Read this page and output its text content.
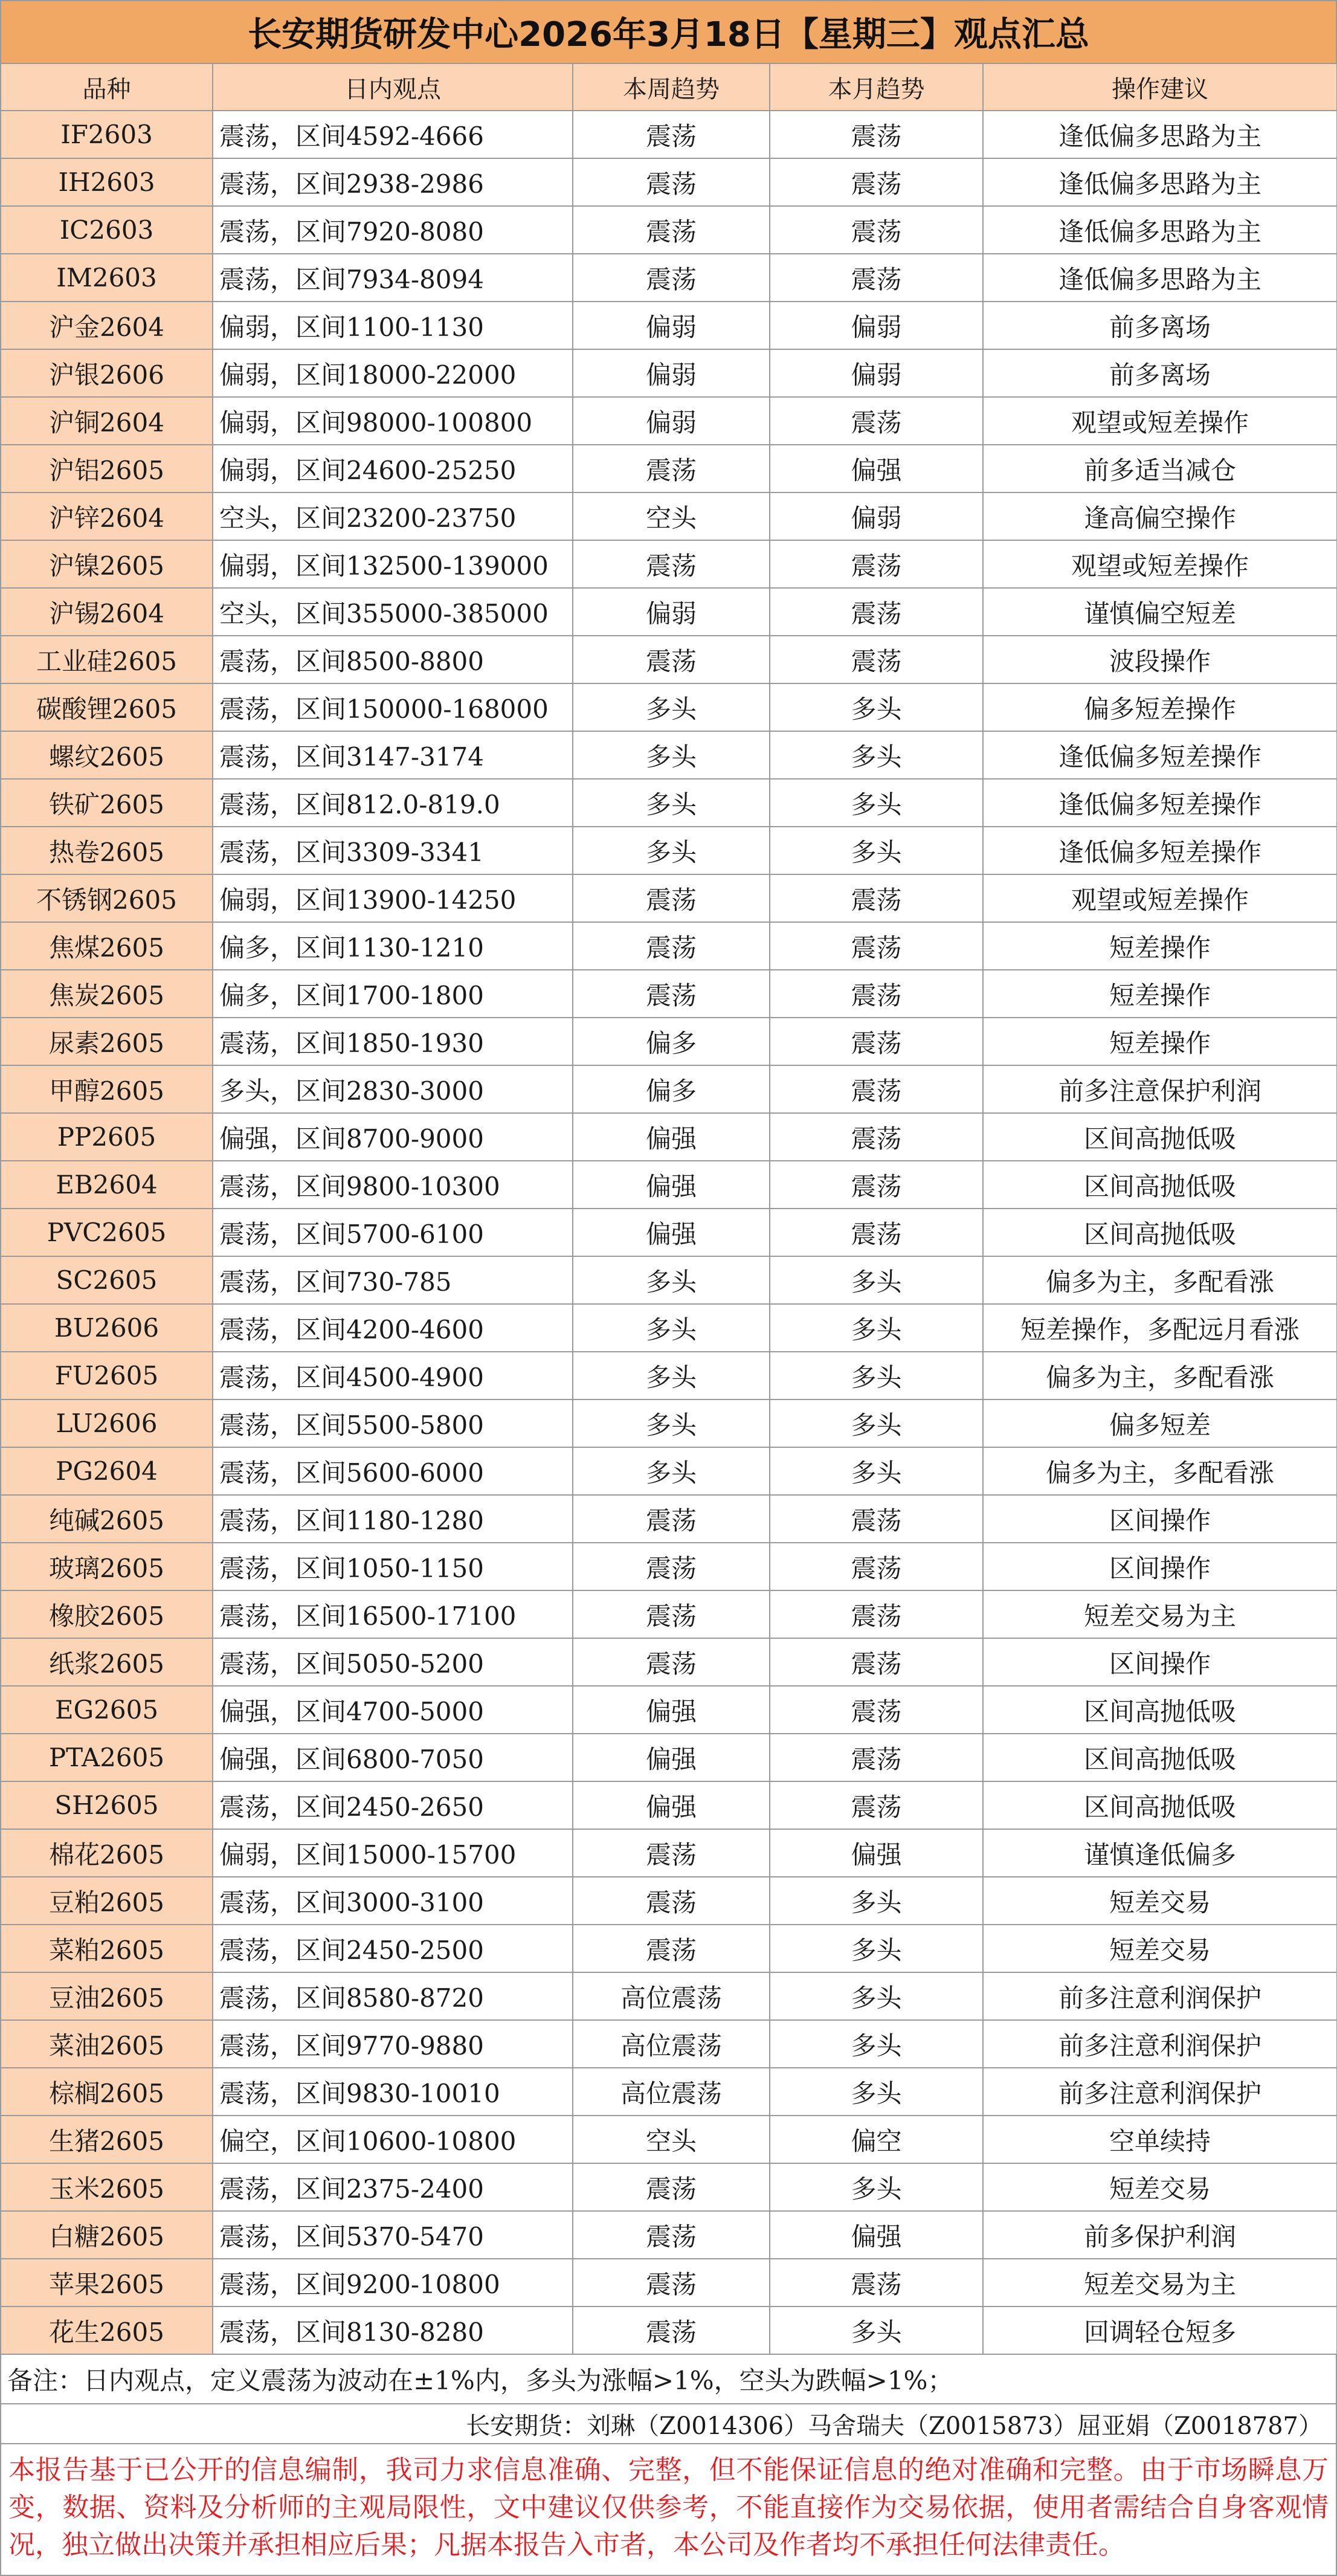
长安期货研发中心2026年3月18日【星期三】观点汇总
品种	日内观点	本周趋势	本月趋势	操作建议
IF2603	震荡，区间4592-4666	震荡	震荡	逢低偏多思路为主
IH2603	震荡，区间2938-2986	震荡	震荡	逢低偏多思路为主
IC2603	震荡，区间7920-8080	震荡	震荡	逢低偏多思路为主
IM2603	震荡，区间7934-8094	震荡	震荡	逢低偏多思路为主
沪金2604	偏弱，区间1100-1130	偏弱	偏弱	前多离场
沪银2606	偏弱，区间18000-22000	偏弱	偏弱	前多离场
沪铜2604	偏弱，区间98000-100800	偏弱	震荡	观望或短差操作
沪铝2605	偏弱，区间24600-25250	震荡	偏强	前多适当减仓
沪锌2604	空头，区间23200-23750	空头	偏弱	逢高偏空操作
沪镍2605	偏弱，区间132500-139000	震荡	震荡	观望或短差操作
沪锡2604	空头，区间355000-385000	偏弱	震荡	谨慎偏空短差
工业硅2605	震荡，区间8500-8800	震荡	震荡	波段操作
碳酸锂2605	震荡，区间150000-168000	多头	多头	偏多短差操作
螺纹2605	震荡，区间3147-3174	多头	多头	逢低偏多短差操作
铁矿2605	震荡，区间812.0-819.0	多头	多头	逢低偏多短差操作
热卷2605	震荡，区间3309-3341	多头	多头	逢低偏多短差操作
不锈钢2605	偏弱，区间13900-14250	震荡	震荡	观望或短差操作
焦煤2605	偏多，区间1130-1210	震荡	震荡	短差操作
焦炭2605	偏多，区间1700-1800	震荡	震荡	短差操作
尿素2605	震荡，区间1850-1930	偏多	震荡	短差操作
甲醇2605	多头，区间2830-3000	偏多	震荡	前多注意保护利润
PP2605	偏强，区间8700-9000	偏强	震荡	区间高抛低吸
EB2604	震荡，区间9800-10300	偏强	震荡	区间高抛低吸
PVC2605	震荡，区间5700-6100	偏强	震荡	区间高抛低吸
SC2605	震荡，区间730-785	多头	多头	偏多为主，多配看涨
BU2606	震荡，区间4200-4600	多头	多头	短差操作，多配远月看涨
FU2605	震荡，区间4500-4900	多头	多头	偏多为主，多配看涨
LU2606	震荡，区间5500-5800	多头	多头	偏多短差
PG2604	震荡，区间5600-6000	多头	多头	偏多为主，多配看涨
纯碱2605	震荡，区间1180-1280	震荡	震荡	区间操作
玻璃2605	震荡，区间1050-1150	震荡	震荡	区间操作
橡胶2605	震荡，区间16500-17100	震荡	震荡	短差交易为主
纸浆2605	震荡，区间5050-5200	震荡	震荡	区间操作
EG2605	偏强，区间4700-5000	偏强	震荡	区间高抛低吸
PTA2605	偏强，区间6800-7050	偏强	震荡	区间高抛低吸
SH2605	震荡，区间2450-2650	偏强	震荡	区间高抛低吸
棉花2605	偏弱，区间15000-15700	震荡	偏强	谨慎逢低偏多
豆粕2605	震荡，区间3000-3100	震荡	多头	短差交易
菜粕2605	震荡，区间2450-2500	震荡	多头	短差交易
豆油2605	震荡，区间8580-8720	高位震荡	多头	前多注意利润保护
菜油2605	震荡，区间9770-9880	高位震荡	多头	前多注意利润保护
棕榈2605	震荡，区间9830-10010	高位震荡	多头	前多注意利润保护
生猪2605	偏空，区间10600-10800	空头	偏空	空单续持
玉米2605	震荡，区间2375-2400	震荡	多头	短差交易
白糖2605	震荡，区间5370-5470	震荡	偏强	前多保护利润
苹果2605	震荡，区间9200-10800	震荡	震荡	短差交易为主
花生2605	震荡，区间8130-8280	震荡	多头	回调轻仓短多
备注：日内观点，定义震荡为波动在±1%内，多头为涨幅>1%，空头为跌幅>1%；
长安期货：刘琳（Z0014306）马舍瑞夫（Z0015873）屈亚娟（Z0018787）
本报告基于已公开的信息编制，我司力求信息准确、完整，但不能保证信息的绝对准确和完整。由于市场瞬息万变，数据、资料及分析师的主观局限性，文中建议仅供参考，不能直接作为交易依据，使用者需结合自身客观情况，独立做出决策并承担相应后果；凡据本报告入市者，本公司及作者均不承担任何法律责任。
